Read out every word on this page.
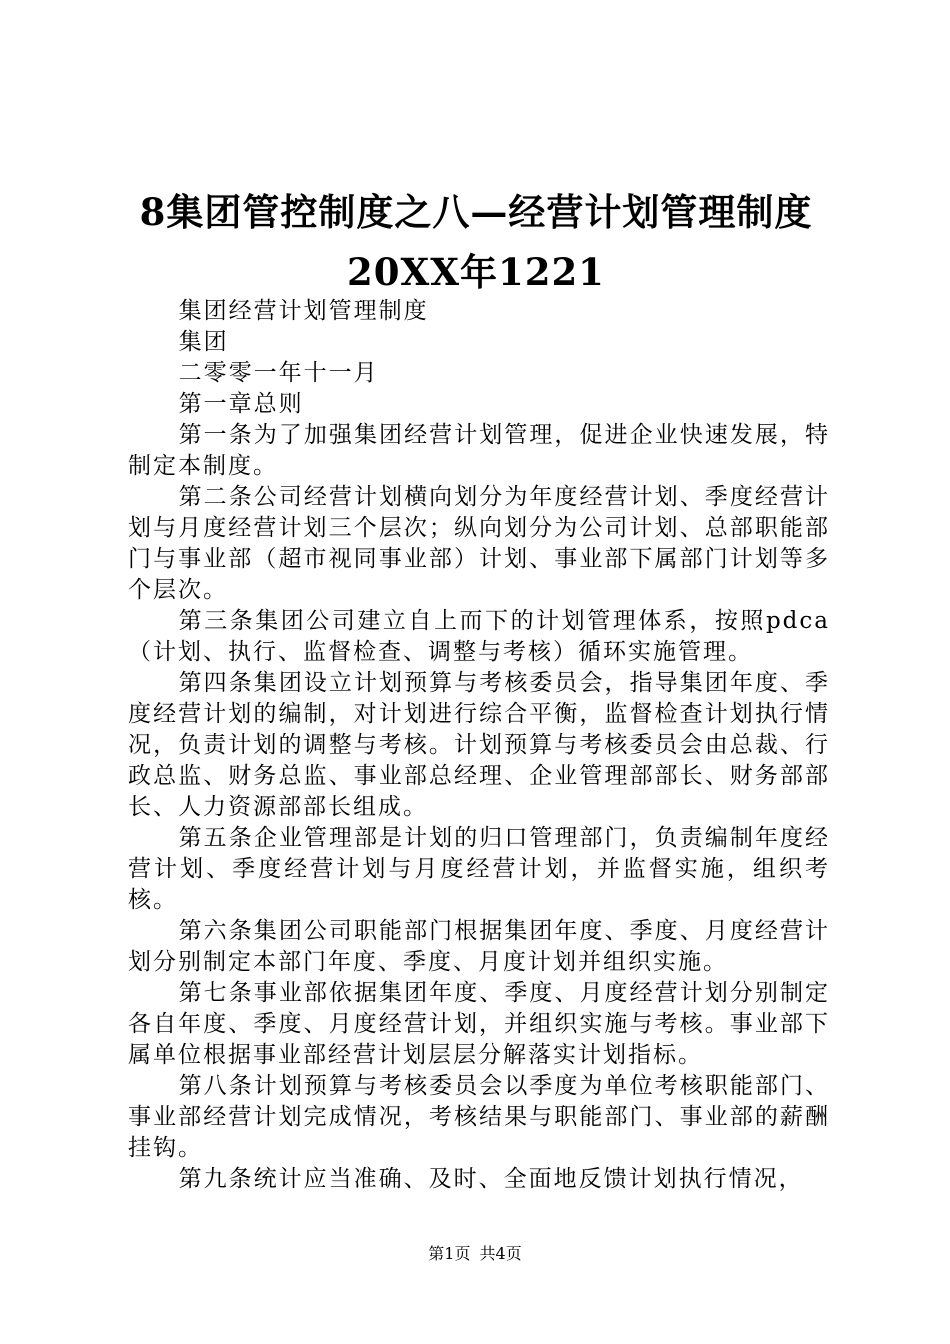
8集团管控制度之八—经营计划管理制度20XX年1221

集团经营计划管理制度

集团

二零零一年十一月

第一章总则

第一条为了加强集团经营计划管理，促进企业快速发展，特制定本制度。

第二条公司经营计划横向划分为年度经营计划、季度经营计划与月度经营计划三个层次；纵向划分为公司计划、总部职能部门与事业部（超市视同事业部）计划、事业部下属部门计划等多个层次。

第三条集团公司建立自上而下的计划管理体系，按照pdca（计划、执行、监督检查、调整与考核）循环实施管理。

第四条集团设立计划预算与考核委员会，指导集团年度、季度经营计划的编制，对计划进行综合平衡，监督检查计划执行情况，负责计划的调整与考核。计划预算与考核委员会由总裁、行政总监、财务总监、事业部总经理、企业管理部部长、财务部部长、人力资源部部长组成。

第五条企业管理部是计划的归口管理部门，负责编制年度经营计划、季度经营计划与月度经营计划，并监督实施，组织考核。

第六条集团公司职能部门根据集团年度、季度、月度经营计划分别制定本部门年度、季度、月度计划并组织实施。

第七条事业部依据集团年度、季度、月度经营计划分别制定各自年度、季度、月度经营计划，并组织实施与考核。事业部下属单位根据事业部经营计划层层分解落实计划指标。

第八条计划预算与考核委员会以季度为单位考核职能部门、事业部经营计划完成情况，考核结果与职能部门、事业部的薪酬挂钩。

第九条统计应当准确、及时、全面地反馈计划执行情况，

第1页 共4页
